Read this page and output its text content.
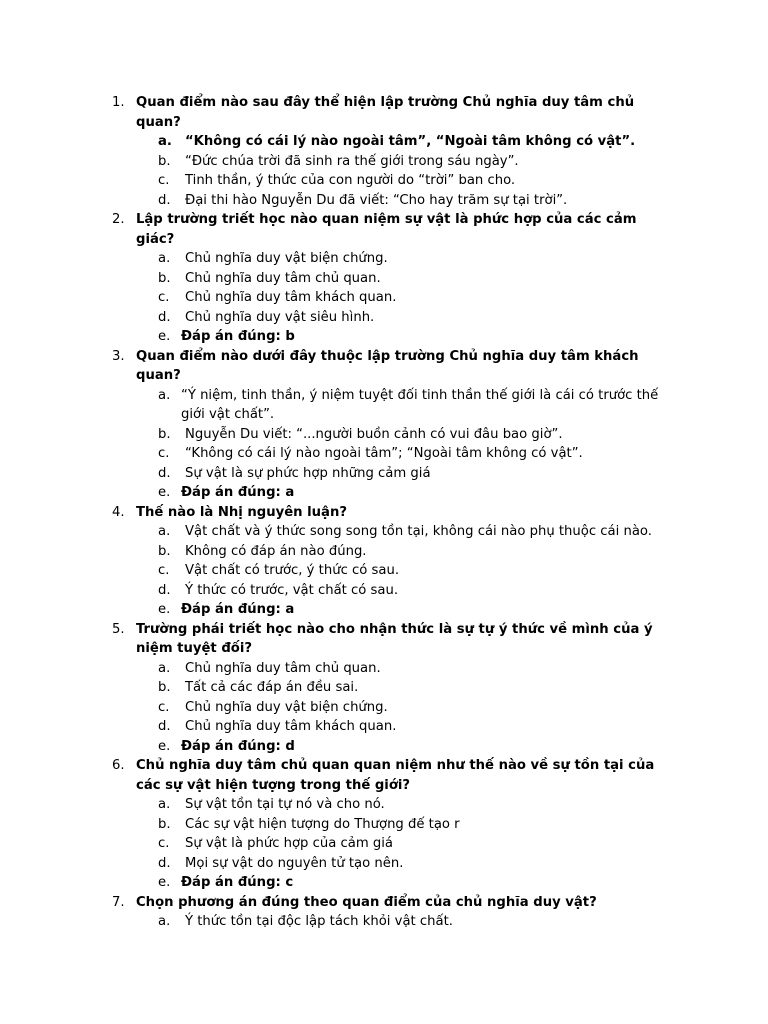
1. Quan điểm nào sau đây thể hiện lập trường Chủ nghĩa duy tâm chủ quan?
a. “Không có cái lý nào ngoài tâm”, “Ngoài tâm không có vật”.
b. “Đức chúa trời đã sinh ra thế giới trong sáu ngày”.
c. Tinh thần, ý thức của con người do “trời” ban cho.
d. Đại thi hào Nguyễn Du đã viết: “Cho hay trăm sự tại trời”.
2. Lập trường triết học nào quan niệm sự vật là phức hợp của các cảm giác?
a. Chủ nghĩa duy vật biện chứng.
b. Chủ nghĩa duy tâm chủ quan.
c. Chủ nghĩa duy tâm khách quan.
d. Chủ nghĩa duy vật siêu hình.
e. Đáp án đúng: b
3. Quan điểm nào dưới đây thuộc lập trường Chủ nghĩa duy tâm khách quan?
a. “Ý niệm, tinh thần, ý niệm tuyệt đối tinh thần thế giới là cái có trước thế giới vật chất”.
b. Nguyễn Du viết: “...người buồn cảnh có vui đâu bao giờ”.
c. “Không có cái lý nào ngoài tâm”; “Ngoài tâm không có vật”.
d. Sự vật là sự phức hợp những cảm giá
e. Đáp án đúng: a
4. Thế nào là Nhị nguyên luận?
a. Vật chất và ý thức song song tồn tại, không cái nào phụ thuộc cái nào.
b. Không có đáp án nào đúng.
c. Vật chất có trước, ý thức có sau.
d. Ý thức có trước, vật chất có sau.
e. Đáp án đúng: a
5. Trường phái triết học nào cho nhận thức là sự tự ý thức về mình của ý niệm tuyệt đối?
a. Chủ nghĩa duy tâm chủ quan.
b. Tất cả các đáp án đều sai.
c. Chủ nghĩa duy vật biện chứng.
d. Chủ nghĩa duy tâm khách quan.
e. Đáp án đúng: d
6. Chủ nghĩa duy tâm chủ quan quan niệm như thế nào về sự tồn tại của các sự vật hiện tượng trong thế giới?
a. Sự vật tồn tại tự nó và cho nó.
b. Các sự vật hiện tượng do Thượng đế tạo r
c. Sự vật là phức hợp của cảm giá
d. Mọi sự vật do nguyên tử tạo nên.
e. Đáp án đúng: c
7. Chọn phương án đúng theo quan điểm của chủ nghĩa duy vật?
a. Ý thức tồn tại độc lập tách khỏi vật chất.
